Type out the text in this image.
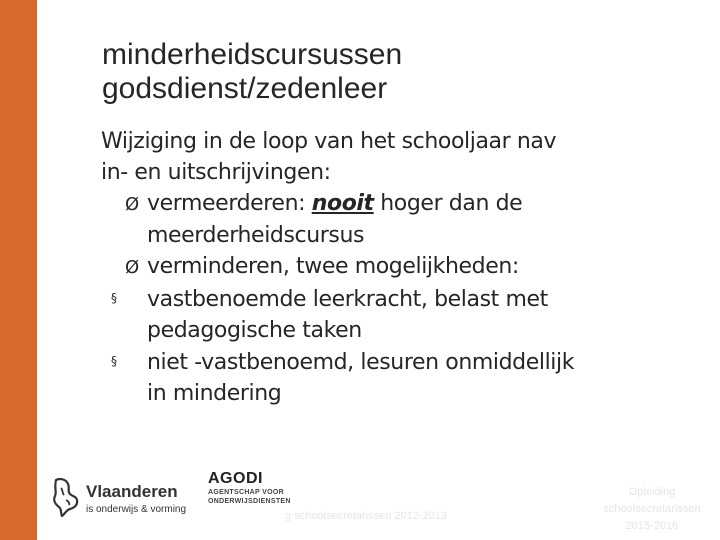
minderheidscursussen
godsdienst/zedenleer
Wijziging in de loop van het schooljaar nav
in- en uitschrijvingen:
Ø vermeerderen: nooit hoger dan de
meerderheidscursus
Ø verminderen, twee mogelijkheden:
§ vastbenoemde leerkracht, belast met
pedagogische taken
§ niet -vastbenoemd, lesuren onmiddellijk
in mindering
Vlaanderen
is onderwijs & vorming
AGODI
AGENTSCHAP VOOR ONDERWIJSDIENSTEN
g schoolsecretarissen 2012-2013
Opleiding
schoolsecretarissen
2015-2016
